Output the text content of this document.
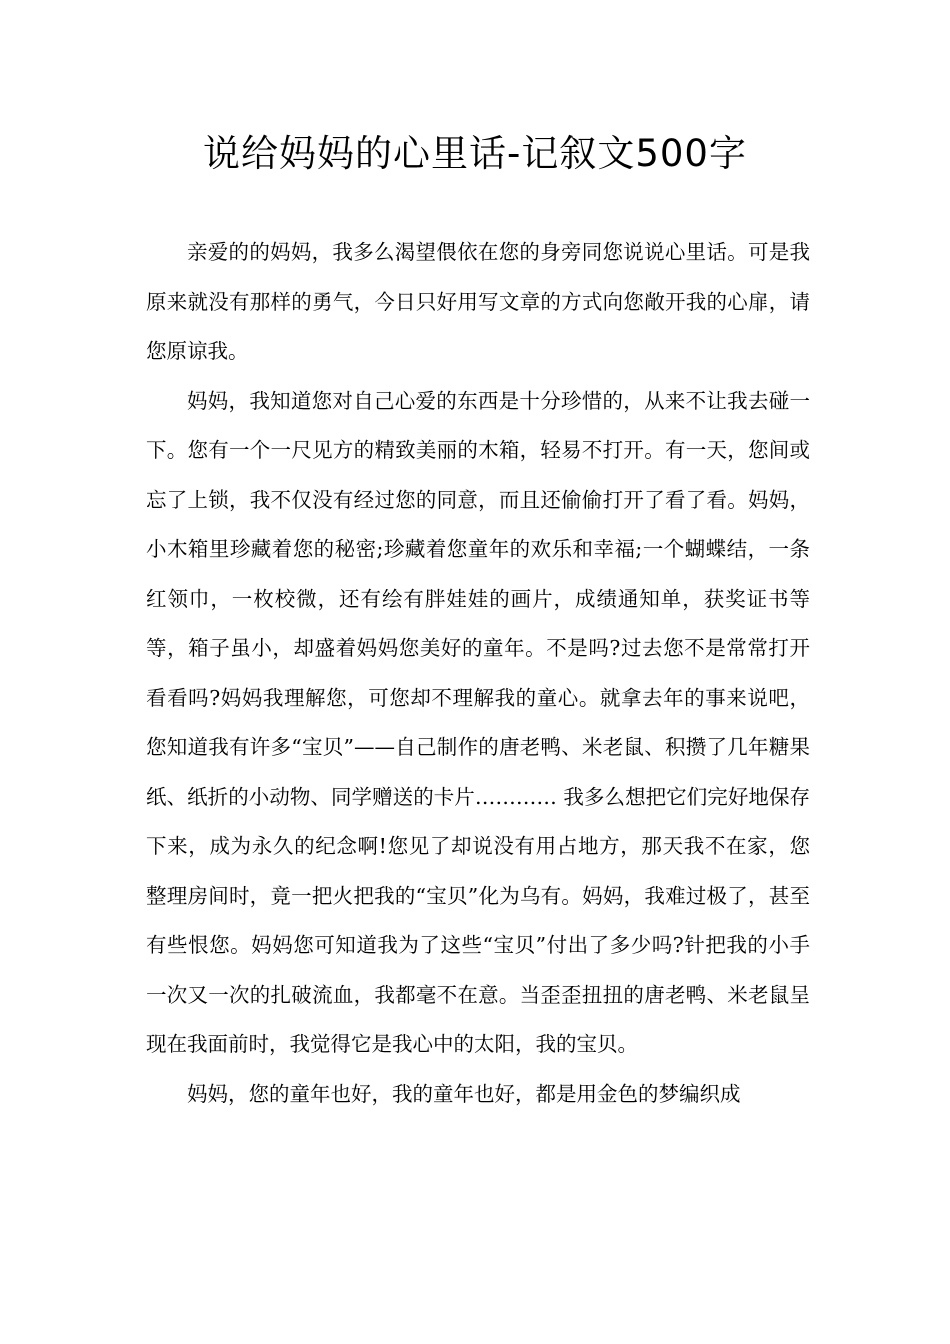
说给妈妈的心里话-记叙文500字

亲爱的的妈妈，我多么渴望偎依在您的身旁同您说说心里话。可是我原来就没有那样的勇气，今日只好用写文章的方式向您敞开我的心扉，请您原谅我。

妈妈，我知道您对自己心爱的东西是十分珍惜的，从来不让我去碰一下。您有一个一尺见方的精致美丽的木箱，轻易不打开。有一天，您间或忘了上锁，我不仅没有经过您的同意，而且还偷偷打开了看了看。妈妈，小木箱里珍藏着您的秘密;珍藏着您童年的欢乐和幸福;一个蝴蝶结，一条红领巾，一枚校微，还有绘有胖娃娃的画片，成绩通知单，获奖证书等等，箱子虽小，却盛着妈妈您美好的童年。不是吗?过去您不是常常打开看看吗?妈妈我理解您，可您却不理解我的童心。就拿去年的事来说吧，您知道我有许多“宝贝”——自己制作的唐老鸭、米老鼠、积攒了几年糖果纸、纸折的小动物、同学赠送的卡片………… 我多么想把它们完好地保存下来，成为永久的纪念啊!您见了却说没有用占地方，那天我不在家，您整理房间时，竟一把火把我的“宝贝”化为乌有。妈妈，我难过极了，甚至有些恨您。妈妈您可知道我为了这些“宝贝”付出了多少吗?针把我的小手一次又一次的扎破流血，我都毫不在意。当歪歪扭扭的唐老鸭、米老鼠呈现在我面前时，我觉得它是我心中的太阳，我的宝贝。

妈妈，您的童年也好，我的童年也好，都是用金色的梦编织成
